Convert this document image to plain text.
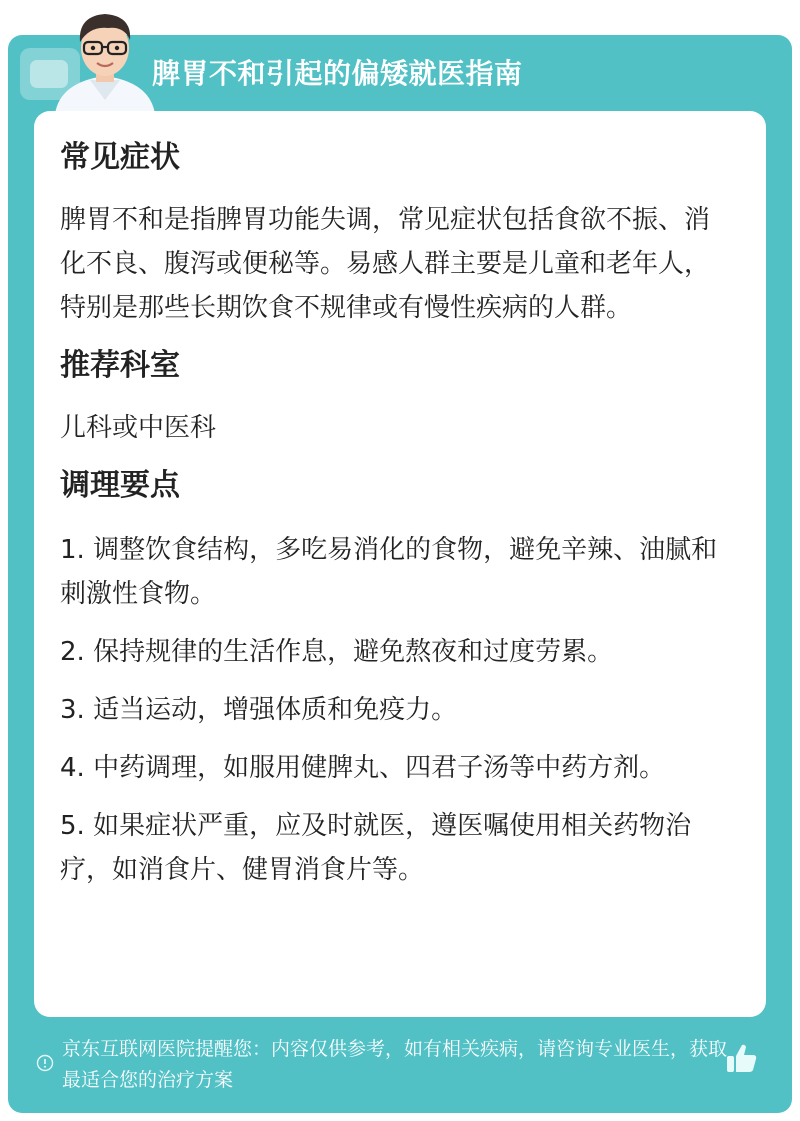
脾胃不和引起的偏矮就医指南

常见症状

脾胃不和是指脾胃功能失调，常见症状包括食欲不振、消化不良、腹泻或便秘等。易感人群主要是儿童和老年人，特别是那些长期饮食不规律或有慢性疾病的人群。

推荐科室

儿科或中医科

调理要点

1. 调整饮食结构，多吃易消化的食物，避免辛辣、油腻和刺激性食物。

2. 保持规律的生活作息，避免熬夜和过度劳累。

3. 适当运动，增强体质和免疫力。

4. 中药调理，如服用健脾丸、四君子汤等中药方剂。

5. 如果症状严重，应及时就医，遵医嘱使用相关药物治疗，如消食片、健胃消食片等。

京东互联网医院提醒您：内容仅供参考，如有相关疾病，请咨询专业医生，获取最适合您的治疗方案
